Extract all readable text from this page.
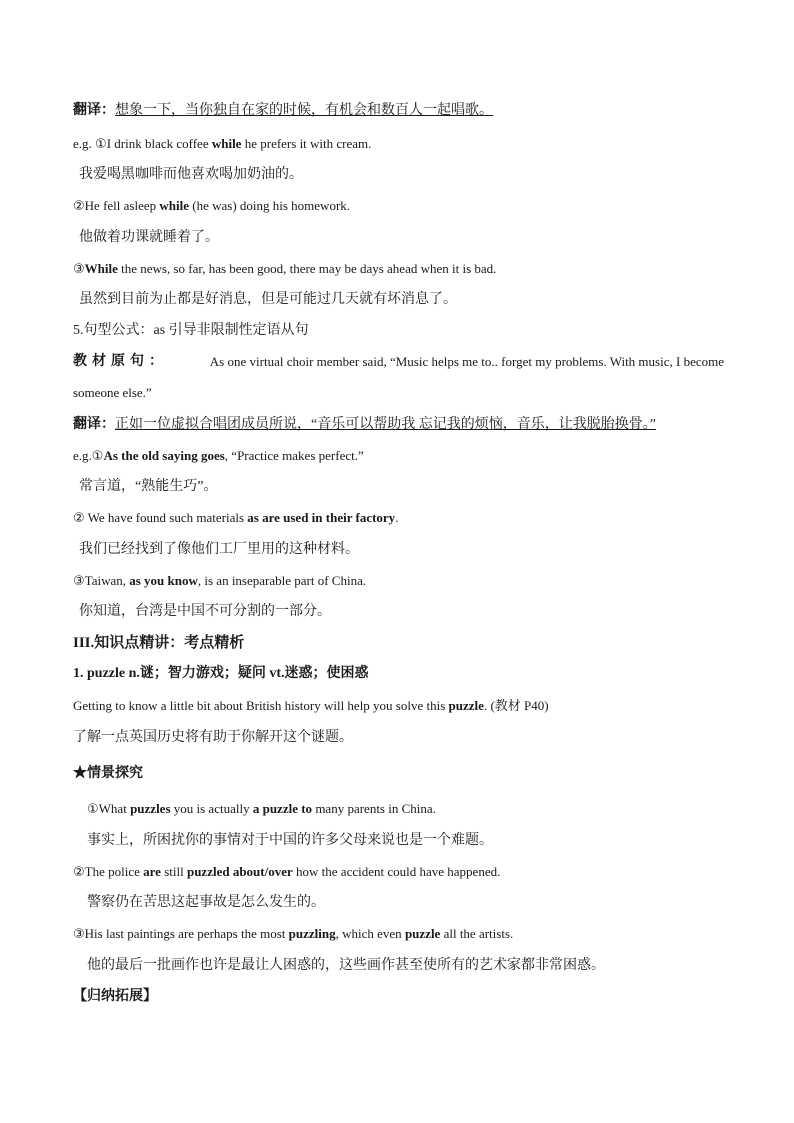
翻译：想象一下，当你独自在家的时候，有机会和数百人一起唱歌。
e.g. ①I drink black coffee while he prefers it with cream.
我爱喝黑咖啡而他喜欢喝加奶油的。
②He fell asleep while (he was) doing his homework.
他做着功课就睡着了。
③While the news, so far, has been good, there may be days ahead when it is bad.
虽然到目前为止都是好消息，但是可能过几天就有坏消息了。
5.句型公式：as 引导非限制性定语从句
教材原句：	As one virtual choir member said, “Music helps me to.. forget my problems. With music, I become
someone else.”
翻译：正如一位虚拟合唱团成员所说，“音乐可以帮助我 忘记我的烦恼，音乐，让我脱胎换骨。”
e.g.①As the old saying goes, “Practice makes perfect.”
常言道，“熟能生巧”。
② We have found such materials as are used in their factory.
我们已经找到了像他们工厂里用的这种材料。
③Taiwan, as you know, is an inseparable part of China.
你知道，台湾是中国不可分割的一部分。
III.知识点精讲：考点精析
1. puzzle n.谜；智力游戏；疑问 vt.迷惑；使困惑
Getting to know a little bit about British history will help you solve this puzzle. (教材 P40)
了解一点英国历史将有助于你解开这个谜题。
★情景探究
①What puzzles you is actually a puzzle to many parents in China.
事实上，所困扰你的事情对于中国的许多父母来说也是一个难题。
②The police are still puzzled about/over how the accident could have happened.
警察仍在苦思这起事故是怎么发生的。
③His last paintings are perhaps the most puzzling, which even puzzle all the artists.
他的最后一批画作也许是最让人困惑的，这些画作甚至使所有的艺术家都非常困惑。
【归纳拓展】
